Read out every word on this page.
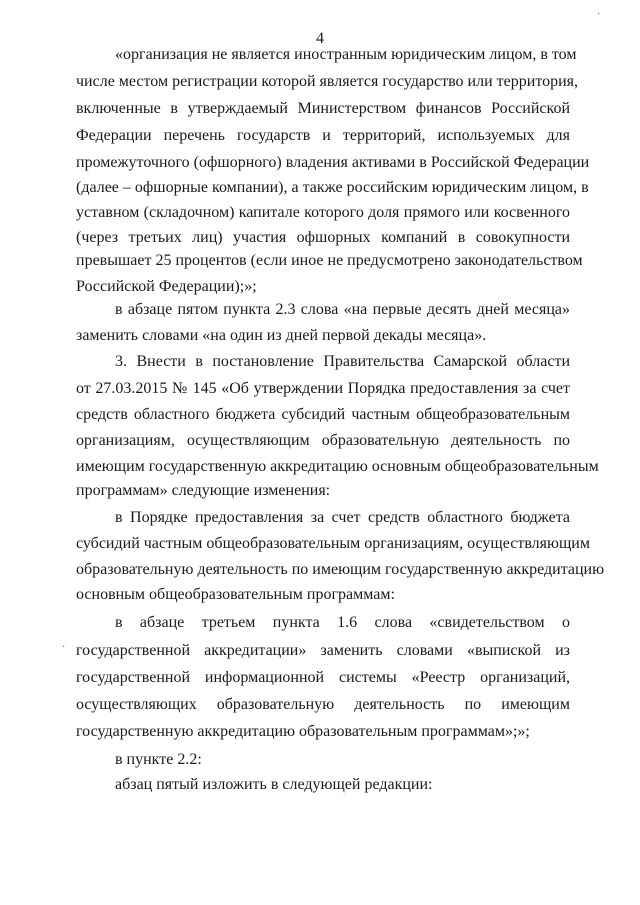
4
«организация не является иностранным юридическим лицом, в том
числе местом регистрации которой является государство или территория,
включенные в утверждаемый Министерством финансов Российской
Федерации перечень государств и территорий, используемых для
промежуточного (офшорного) владения активами в Российской Федерации
(далее – офшорные компании), а также российским юридическим лицом, в
уставном (складочном) капитале которого доля прямого или косвенного
(через третьих лиц) участия офшорных компаний в совокупности
превышает 25 процентов (если иное не предусмотрено законодательством
Российской Федерации);»;
в абзаце пятом пункта 2.3 слова «на первые десять дней месяца»
заменить словами «на один из дней первой декады месяца».
3. Внести в постановление Правительства Самарской области
от 27.03.2015 № 145 «Об утверждении Порядка предоставления за счет
средств областного бюджета субсидий частным общеобразовательным
организациям, осуществляющим образовательную деятельность по
имеющим государственную аккредитацию основным общеобразовательным
программам» следующие изменения:
в Порядке предоставления за счет средств областного бюджета
субсидий частным общеобразовательным организациям, осуществляющим
образовательную деятельность по имеющим государственную аккредитацию
основным общеобразовательным программам:
в абзаце третьем пункта 1.6 слова «свидетельством о
государственной аккредитации» заменить словами «выпиской из
государственной информационной системы «Реестр организаций,
осуществляющих образовательную деятельность по имеющим
государственную аккредитацию образовательным программам»;»;
в пункте 2.2:
абзац пятый изложить в следующей редакции:
·
·
